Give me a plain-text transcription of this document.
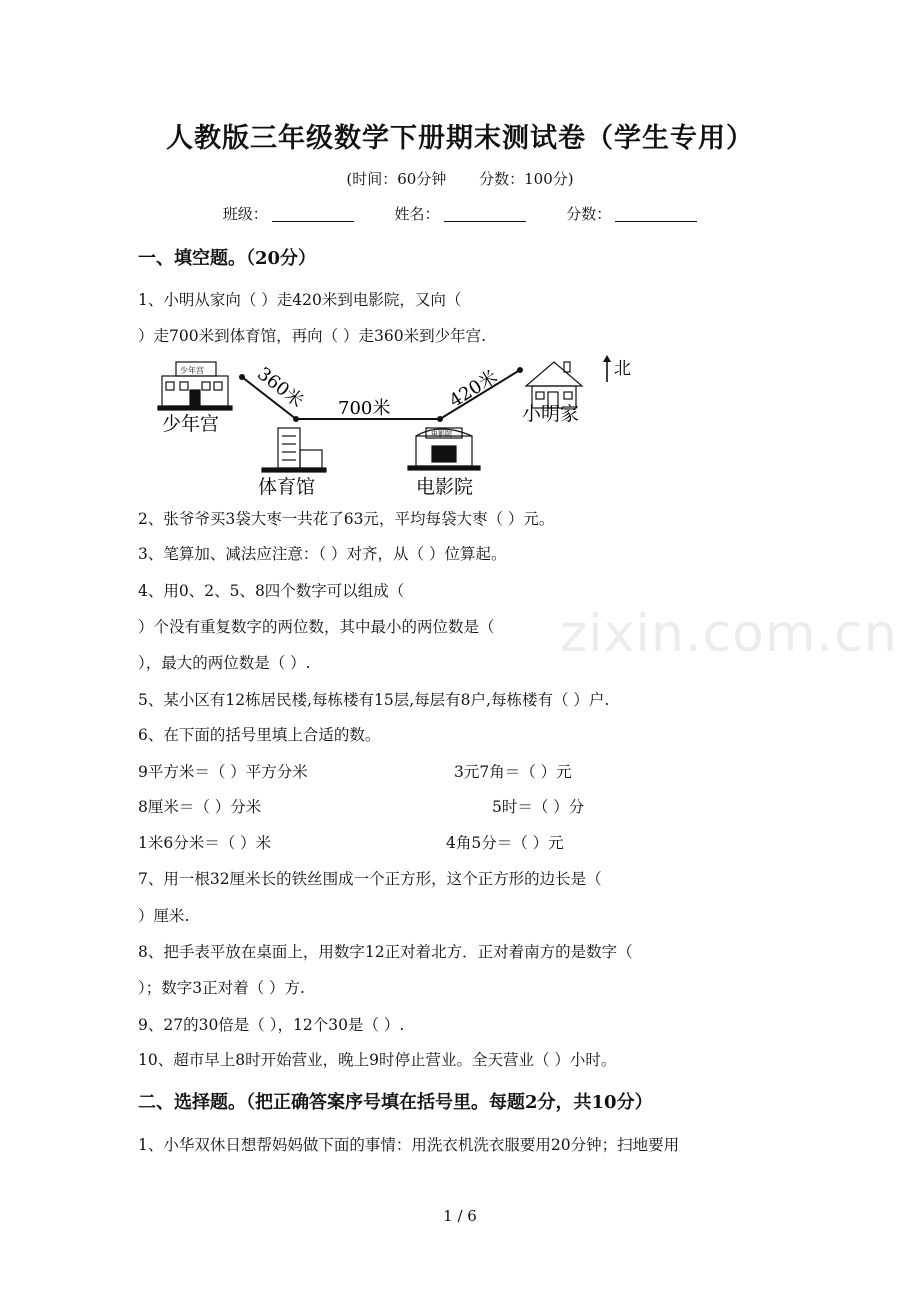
人教版三年级数学下册期末测试卷（学生专用）
(时间：60分钟 分数：100分)
班级：	姓名：	分数：
一、填空题。（20分）
1、小明从家向（ ）走420米到电影院，又向（
）走700米到体育馆，再向（ ）走360米到少年宫.
360米 700米	420米
少年宫
少年宫
体育馆
电影院
电影院
小明家
北
2、张爷爷买3袋大枣一共花了63元，平均每袋大枣（ ）元。
3、笔算加、减法应注意：（ ）对齐，从（ ）位算起。
4、用0、2、5、8四个数字可以组成（
）个没有重复数字的两位数，其中最小的两位数是（
），最大的两位数是（ ）.
5、某小区有12栋居民楼,每栋楼有15层,每层有8户,每栋楼有（ ）户.
6、在下面的括号里填上合适的数。
9平方米＝（ ）平方分米	3元7角＝（ ）元
8厘米＝（ ）分米	5时＝（ ）分
1米6分米＝（ ）米	4角5分＝（ ）元
7、用一根32厘米长的铁丝围成一个正方形，这个正方形的边长是（
）厘米.
8、把手表平放在桌面上，用数字12正对着北方．正对着南方的是数字（
）；数字3正对着（ ）方.
9、27的30倍是（ ），12个30是（ ）.
10、超市早上8时开始营业，晚上9时停止营业。全天营业（ ）小时。
二、选择题。（把正确答案序号填在括号里。每题2分，共10分）
1、小华双休日想帮妈妈做下面的事情：用洗衣机洗衣服要用20分钟；扫地要用
zixin.com.cn
1 / 6
